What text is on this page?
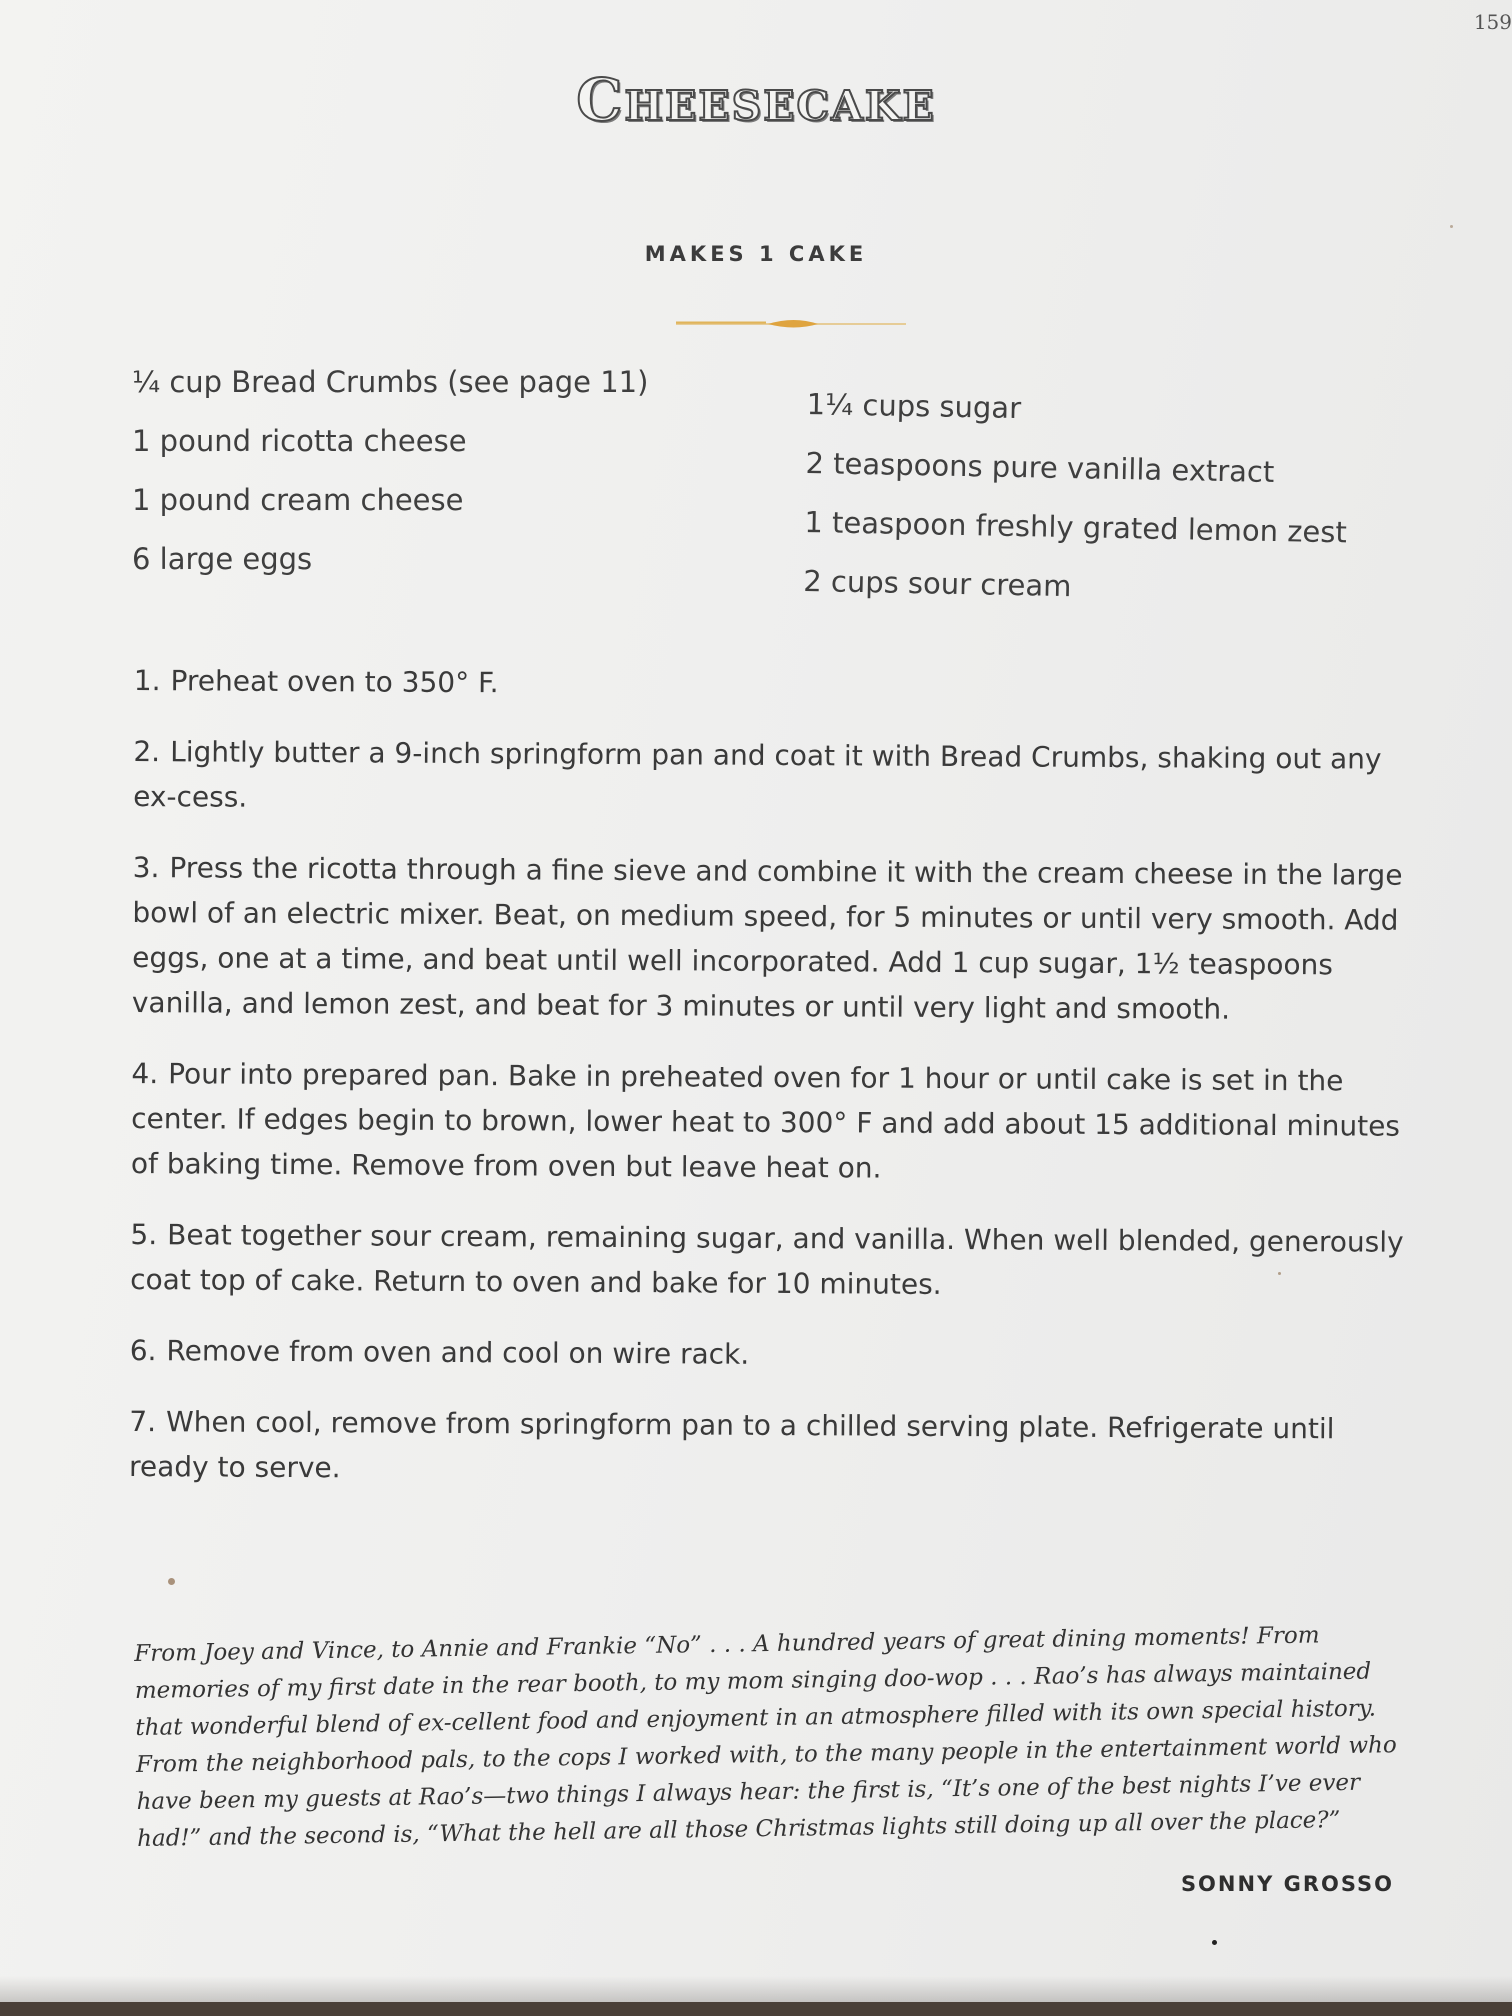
159
Cheesecake
MAKES 1 CAKE
¼ cup Bread Crumbs (see page 11)
1 pound ricotta cheese
1 pound cream cheese
6 large eggs
1¼ cups sugar
2 teaspoons pure vanilla extract
1 teaspoon freshly grated lemon zest
2 cups sour cream

1. Preheat oven to 350° F.

2. Lightly butter a 9-inch springform pan and coat it with Bread Crumbs, shaking out any ex-cess.

3. Press the ricotta through a fine sieve and combine it with the cream cheese in the large bowl of an electric mixer. Beat, on medium speed, for 5 minutes or until very smooth. Add eggs, one at a time, and beat until well incorporated. Add 1 cup sugar, 1½ teaspoons vanilla, and lemon zest, and beat for 3 minutes or until very light and smooth.

4. Pour into prepared pan. Bake in preheated oven for 1 hour or until cake is set in the center. If edges begin to brown, lower heat to 300° F and add about 15 additional minutes of baking time. Remove from oven but leave heat on.

5. Beat together sour cream, remaining sugar, and vanilla. When well blended, generously coat top of cake. Return to oven and bake for 10 minutes.

6. Remove from oven and cool on wire rack.

7. When cool, remove from springform pan to a chilled serving plate. Refrigerate until ready to serve.

From Joey and Vince, to Annie and Frankie “No” . . . A hundred years of great dining moments! From memories of my first date in the rear booth, to my mom singing doo-wop . . . Rao’s has always maintained that wonderful blend of ex-cellent food and enjoyment in an atmosphere filled with its own special history. From the neighborhood pals, to the cops I worked with, to the many people in the entertainment world who have been my guests at Rao’s—two things I always hear: the first is, “It’s one of the best nights I’ve ever had!” and the second is, “What the hell are all those Christmas lights still doing up all over the place?”
SONNY GROSSO
